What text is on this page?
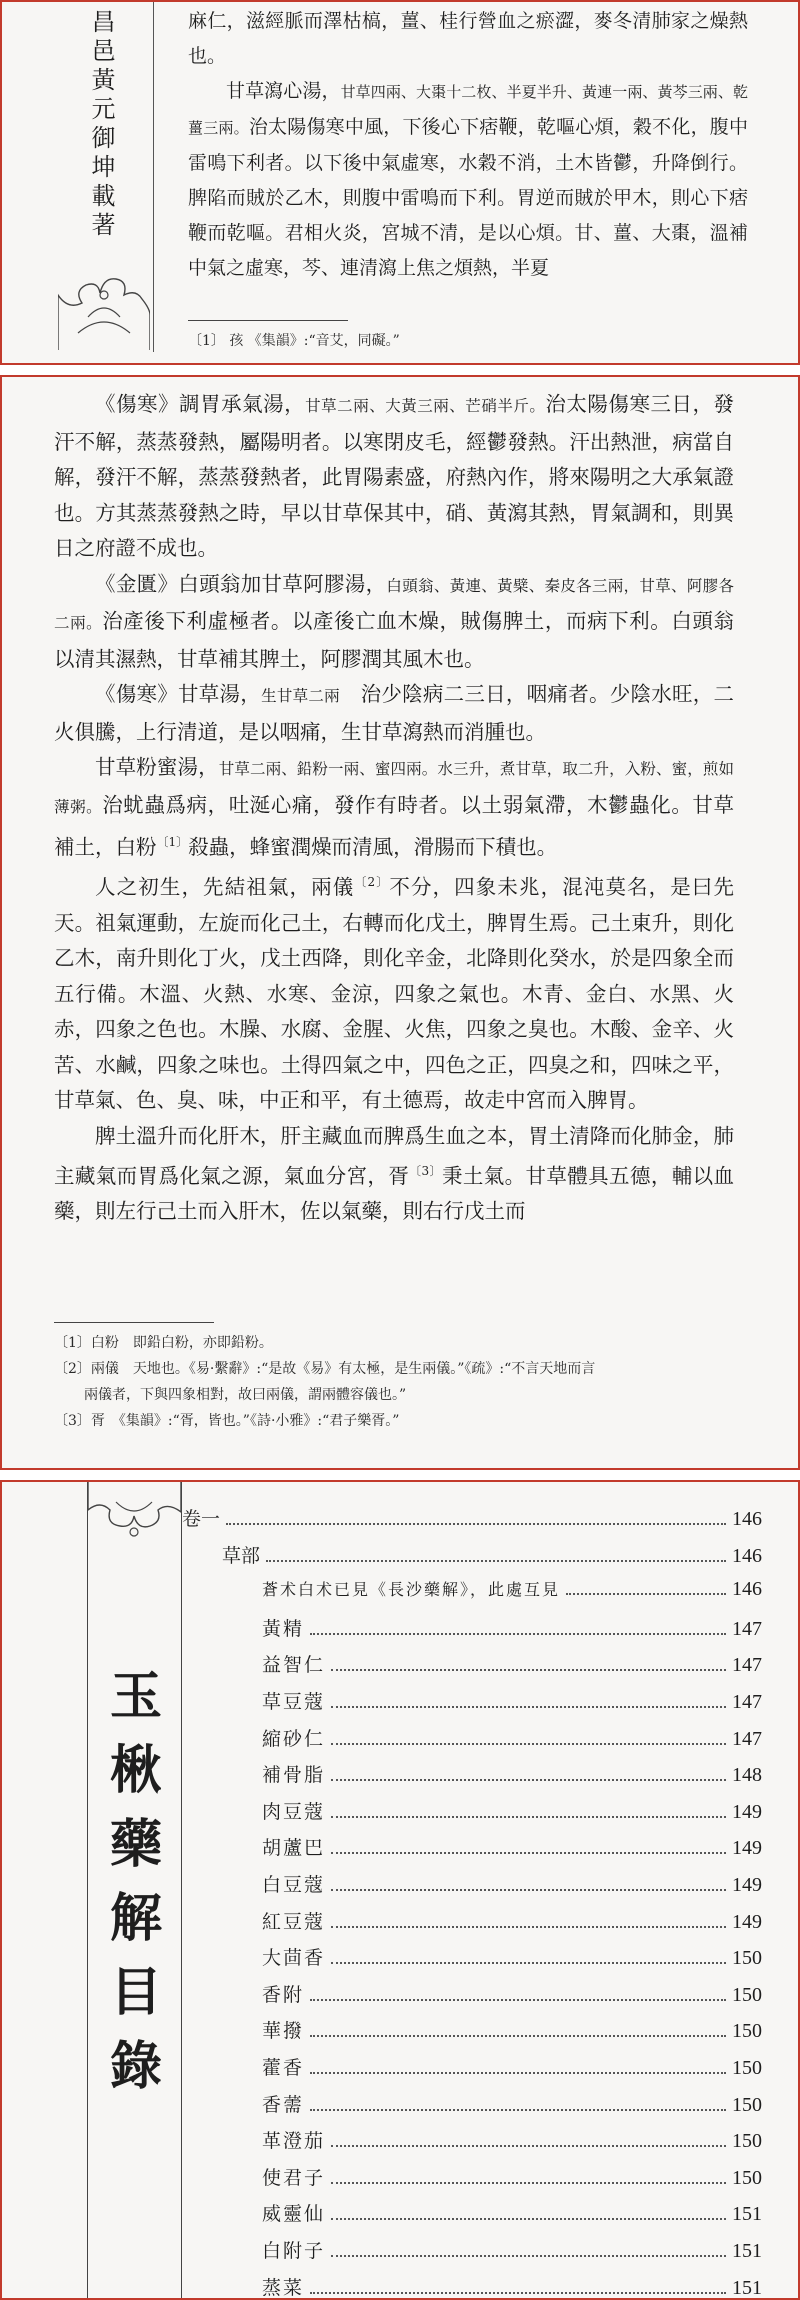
昌邑黃元御坤載著

麻仁，滋經脈而澤枯槁，薑、桂行營血之瘀澀，麥冬清肺家之燥熱也。

甘草瀉心湯，甘草四兩、大棗十二枚、半夏半升、黃連一兩、黃芩三兩、乾薑三兩。治太陽傷寒中風，下後心下痞鞭，乾嘔心煩，穀不化，腹中雷鳴下利者。以下後中氣虛寒，水穀不消，土木皆鬱，升降倒行。脾陷而賊於乙木，則腹中雷鳴而下利。胃逆而賊於甲木，則心下痞鞭而乾嘔。君相火炎，宮城不清，是以心煩。甘、薑、大棗，溫補中氣之虛寒，芩、連清瀉上焦之煩熱，半夏

〔1〕 孩 《集韻》:“音艾，同礙。”

《傷寒》調胃承氣湯，甘草二兩、大黃三兩、芒硝半斤。治太陽傷寒三日，發汗不解，蒸蒸發熱，屬陽明者。以寒閉皮毛，經鬱發熱。汗出熱泄，病當自解，發汗不解，蒸蒸發熱者，此胃陽素盛，府熱內作，將來陽明之大承氣證也。方其蒸蒸發熱之時，早以甘草保其中，硝、黃瀉其熱，胃氣調和，則異日之府證不成也。

《金匱》白頭翁加甘草阿膠湯，白頭翁、黃連、黃檗、秦皮各三兩，甘草、阿膠各二兩。治產後下利虛極者。以產後亡血木燥，賊傷脾土，而病下利。白頭翁以清其濕熱，甘草補其脾土，阿膠潤其風木也。

《傷寒》甘草湯，生甘草二兩　治少陰病二三日，咽痛者。少陰水旺，二火俱騰，上行清道，是以咽痛，生甘草瀉熱而消腫也。

甘草粉蜜湯，甘草二兩、鉛粉一兩、蜜四兩。水三升，煮甘草，取二升，入粉、蜜，煎如薄粥。治蚘蟲爲病，吐涎心痛，發作有時者。以土弱氣滯，木鬱蟲化。甘草補土，白粉$^{〔1〕}$殺蟲，蜂蜜潤燥而清風，滑腸而下積也。

人之初生，先結祖氣，兩儀$^{〔2〕}$不分，四象未兆，混沌莫名，是曰先天。祖氣運動，左旋而化己土，右轉而化戊土，脾胃生焉。己土東升，則化乙木，南升則化丁火，戊土西降，則化辛金，北降則化癸水，於是四象全而五行備。木溫、火熱、水寒、金涼，四象之氣也。木青、金白、水黑、火赤，四象之色也。木臊、水腐、金腥、火焦，四象之臭也。木酸、金辛、火苦、水鹹，四象之味也。土得四氣之中，四色之正，四臭之和，四味之平，甘草氣、色、臭、味，中正和平，有土德焉，故走中宮而入脾胃。

脾土溫升而化肝木，肝主藏血而脾爲生血之本，胃土清降而化肺金，肺主藏氣而胃爲化氣之源，氣血分宮，胥$^{〔3〕}$秉土氣。甘草體具五德，輔以血藥，則左行己土而入肝木，佐以氣藥，則右行戊土而

〔1〕白粉　即鉛白粉，亦即鉛粉。
〔2〕兩儀　天地也。《易·繫辭》:“是故《易》有太極，是生兩儀。”《疏》:“不言天地而言
兩儀者，下與四象相對，故曰兩儀，謂兩體容儀也。”
〔3〕胥　《集韻》:“胥，皆也。”《詩·小雅》:“君子樂胥。”
玉楸藥解目錄
卷一	146
草部	146
蒼术白术已見《長沙藥解》，此處互見	146
黃精	147
益智仁	147
草豆蔻	147
縮砂仁	147
補骨脂	148
肉豆蔻	149
胡蘆巴	149
白豆蔻	149
紅豆蔻	149
大茴香	150
香附	150
華撥	150
藿香	150
香薷	150
革澄茄	150
使君子	150
威靈仙	151
白附子	151
蒸菜	151
